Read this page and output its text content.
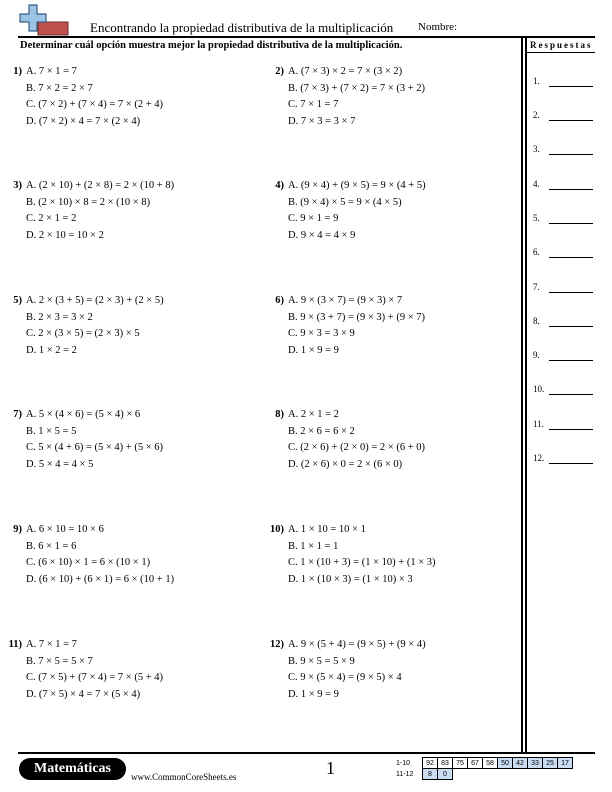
Encontrando la propiedad distributiva de la multiplicación Nombre:
Determinar cuál opción muestra mejor la propiedad distributiva de la multiplicación.	Respuestas
1) A. 7 × 1 = 7
B. 7 × 2 = 2 × 7
C. (7 × 2) + (7 × 4) = 7 × (2 + 4)
D. (7 × 2) × 4 = 7 × (2 × 4)
2) A. (7 × 3) × 2 = 7 × (3 × 2)
B. (7 × 3) + (7 × 2) = 7 × (3 + 2)
C. 7 × 1 = 7
D. 7 × 3 = 3 × 7
3) A. (2 × 10) + (2 × 8) = 2 × (10 + 8)
B. (2 × 10) × 8 = 2 × (10 × 8)
C. 2 × 1 = 2
D. 2 × 10 = 10 × 2
4) A. (9 × 4) + (9 × 5) = 9 × (4 + 5)
B. (9 × 4) × 5 = 9 × (4 × 5)
C. 9 × 1 = 9
D. 9 × 4 = 4 × 9
5) A. 2 × (3 + 5) = (2 × 3) + (2 × 5)
B. 2 × 3 = 3 × 2
C. 2 × (3 × 5) = (2 × 3) × 5
D. 1 × 2 = 2
6) A. 9 × (3 × 7) = (9 × 3) × 7
B. 9 × (3 + 7) = (9 × 3) + (9 × 7)
C. 9 × 3 = 3 × 9
D. 1 × 9 = 9
7) A. 5 × (4 × 6) = (5 × 4) × 6
B. 1 × 5 = 5
C. 5 × (4 + 6) = (5 × 4) + (5 × 6)
D. 5 × 4 = 4 × 5
8) A. 2 × 1 = 2
B. 2 × 6 = 6 × 2
C. (2 × 6) + (2 × 0) = 2 × (6 + 0)
D. (2 × 6) × 0 = 2 × (6 × 0)
9) A. 6 × 10 = 10 × 6
B. 6 × 1 = 6
C. (6 × 10) × 1 = 6 × (10 × 1)
D. (6 × 10) + (6 × 1) = 6 × (10 + 1)
10) A. 1 × 10 = 10 × 1
B. 1 × 1 = 1
C. 1 × (10 + 3) = (1 × 10) + (1 × 3)
D. 1 × (10 × 3) = (1 × 10) × 3
11) A. 7 × 1 = 7
B. 7 × 5 = 5 × 7
C. (7 × 5) + (7 × 4) = 7 × (5 + 4)
D. (7 × 5) × 4 = 7 × (5 × 4)
12) A. 9 × (5 + 4) = (9 × 5) + (9 × 4)
B. 9 × 5 = 5 × 9
C. 9 × (5 × 4) = (9 × 5) × 4
D. 1 × 9 = 9
1.
2.
3.
4.
5.
6.
7.
8.
9.
10.
11.
12.
Matemáticas
www.CommonCoreSheets.es	1	1-10	92	83	75	67	58	50	42	33	25	17
11-12	8	0								
